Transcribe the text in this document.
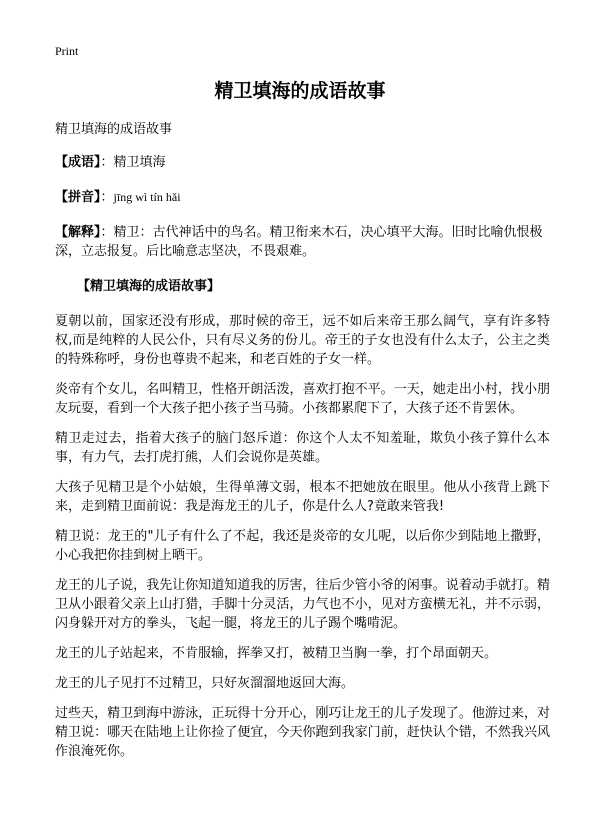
Print
精卫填海的成语故事

精卫填海的成语故事

【成语】：精卫填海

【拼音】：jīng wì tín hǎi

【解释】：精卫：古代神话中的鸟名。精卫衔来木石，决心填平大海。旧时比喻仇恨极深，立志报复。后比喻意志坚决，不畏艰难。

【精卫填海的成语故事】

夏朝以前，国家还没有形成，那时候的帝王，远不如后来帝王那么阔气，享有许多特权,而是纯粹的人民公仆，只有尽义务的份儿。帝王的子女也没有什么太子，公主之类的特殊称呼，身份也尊贵不起来，和老百姓的子女一样。

炎帝有个女儿，名叫精卫，性格开朗活泼，喜欢打抱不平。一天，她走出小村，找小朋友玩耍，看到一个大孩子把小孩子当马骑。小孩都累爬下了，大孩子还不肯罢休。

精卫走过去，指着大孩子的脑门怒斥道：你这个人太不知羞耻，欺负小孩子算什么本事，有力气，去打虎打熊，人们会说你是英雄。

大孩子见精卫是个小姑娘，生得单薄文弱，根本不把她放在眼里。他从小孩背上跳下来，走到精卫面前说：我是海龙王的儿子，你是什么人?竟敢来管我!

精卫说：龙王的"儿子有什么了不起，我还是炎帝的女儿呢，以后你少到陆地上撒野，小心我把你挂到树上晒干。

龙王的儿子说，我先让你知道知道我的厉害，往后少管小爷的闲事。说着动手就打。精卫从小跟着父亲上山打猎，手脚十分灵活，力气也不小，见对方蛮横无礼，并不示弱，闪身躲开对方的拳头，飞起一腿，将龙王的儿子踢个嘴啃泥。

龙王的儿子站起来，不肯服输，挥拳又打，被精卫当胸一拳，打个昂面朝天。

龙王的儿子见打不过精卫，只好灰溜溜地返回大海。

过些天，精卫到海中游泳，正玩得十分开心，刚巧让龙王的儿子发现了。他游过来，对精卫说：哪天在陆地上让你捡了便宜，今天你跑到我家门前，赶快认个错，不然我兴风作浪淹死你。
